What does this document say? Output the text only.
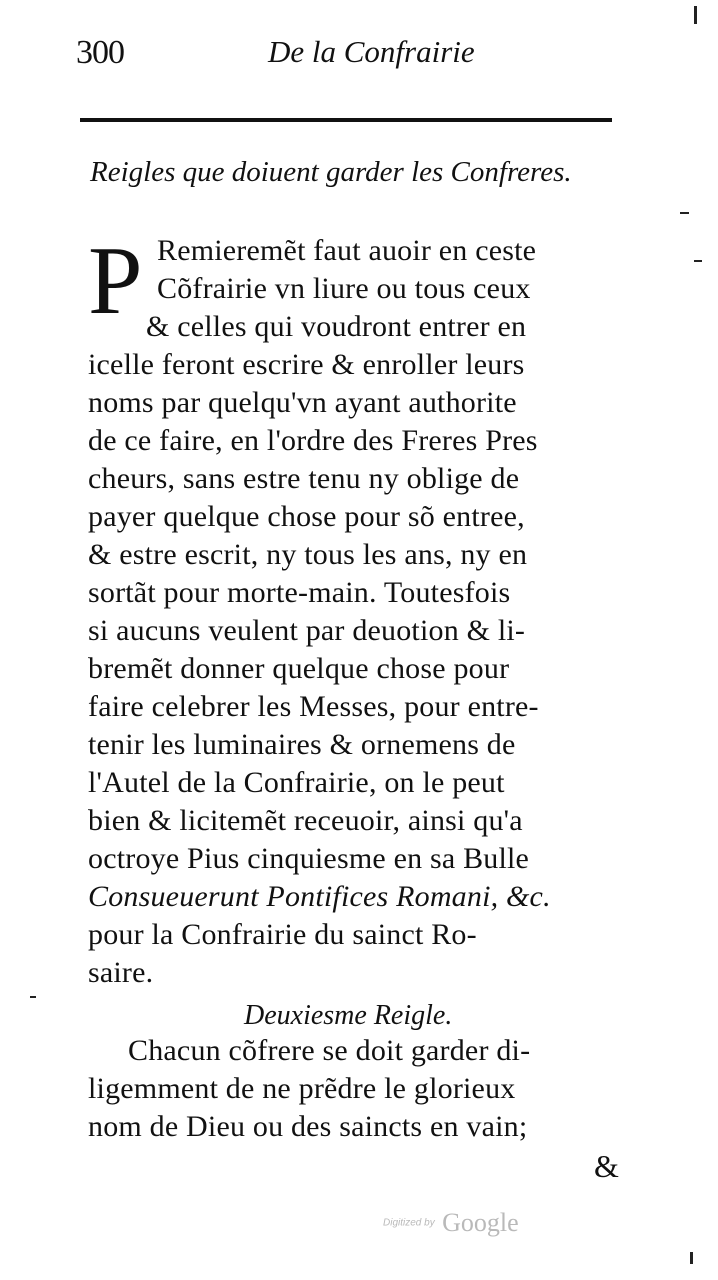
300	De la Confrairie
Reigles que doiuent garder les Confreres.
P Remieremẽt faut auoir en ceste
Cõfrairie vn liure ou tous ceux
& celles qui voudront entrer en
icelle feront escrire & enroller leurs
noms par quelqu'vn ayant authorite
de ce faire, en l'ordre des Freres Pres
cheurs, sans estre tenu ny oblige de
payer quelque chose pour sõ entree,
& estre escrit, ny tous les ans, ny en
sortãt pour morte-main. Toutesfois
si aucuns veulent par deuotion & li-
bremẽt donner quelque chose pour
faire celebrer les Messes, pour entre-
tenir les luminaires & ornemens de
l'Autel de la Confrairie, on le peut
bien & licitemẽt receuoir, ainsi qu'a
octroye Pius cinquiesme en sa Bulle
Consueuerunt Pontifices Romani, &c.
pour la Confrairie du sainct Ro-
saire.
Deuxiesme Reigle.
Chacun cõfrere se doit garder di-
ligemment de ne prẽdre le glorieux
nom de Dieu ou des saincts en vain;
&
Digitized by Google
